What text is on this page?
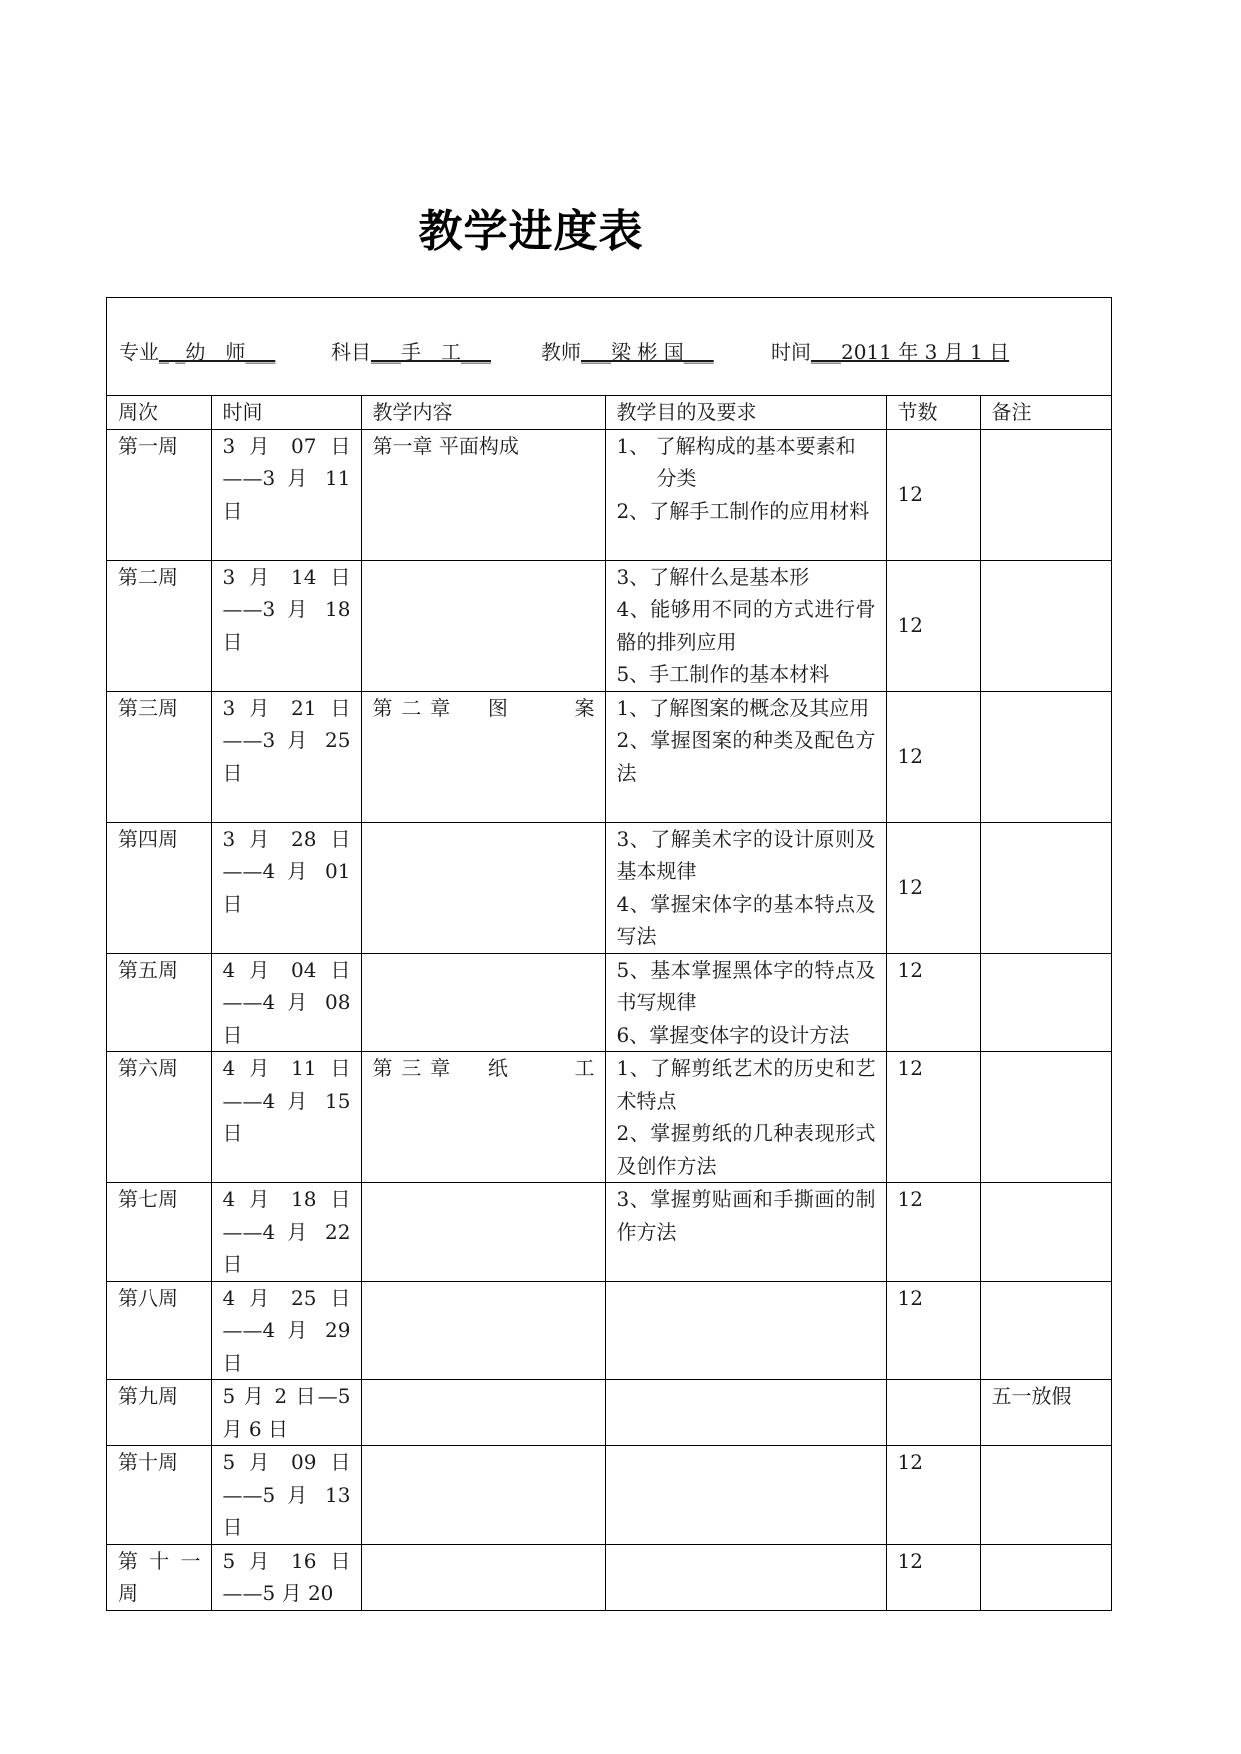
教学进度表
专业_ _幼　师___	科目___手　工___	教师___梁 彬 国___	时间___2011 年 3 月 1 日
周次	时间	教学内容	教学目的及要求	节数	备注
第一周	3 月 07 日——3 月 11 日	第一章 平面构成	1、 了解构成的基本要素和
　　分类
2、了解手工制作的应用材料	12	
第二周	3 月 14 日——3 月 18 日		3、了解什么是基本形
4、能够用不同的方式进行骨骼的排列应用
5、手工制作的基本材料	12	
第三周	3 月 21 日——3 月 25 日	第二章　图　　案	1、了解图案的概念及其应用
2、掌握图案的种类及配色方法	12	
第四周	3 月 28 日——4 月 01 日		3、了解美术字的设计原则及基本规律
4、掌握宋体字的基本特点及写法	12	
第五周	4 月 04 日——4 月 08 日		5、基本掌握黑体字的特点及书写规律
6、掌握变体字的设计方法	12	
第六周	4 月 11 日——4 月 15 日	第三章　纸　　工	1、了解剪纸艺术的历史和艺术特点
2、掌握剪纸的几种表现形式及创作方法	12	
第七周	4 月 18 日——4 月 22 日		3、掌握剪贴画和手撕画的制作方法	12	
第八周	4 月 25 日——4 月 29 日			12	
第九周	5 月 2 日—5 月 6 日				五一放假
第十周	5 月 09 日——5 月 13 日			12	
第 十 一 周	5 月 16 日——5 月 20			12	
